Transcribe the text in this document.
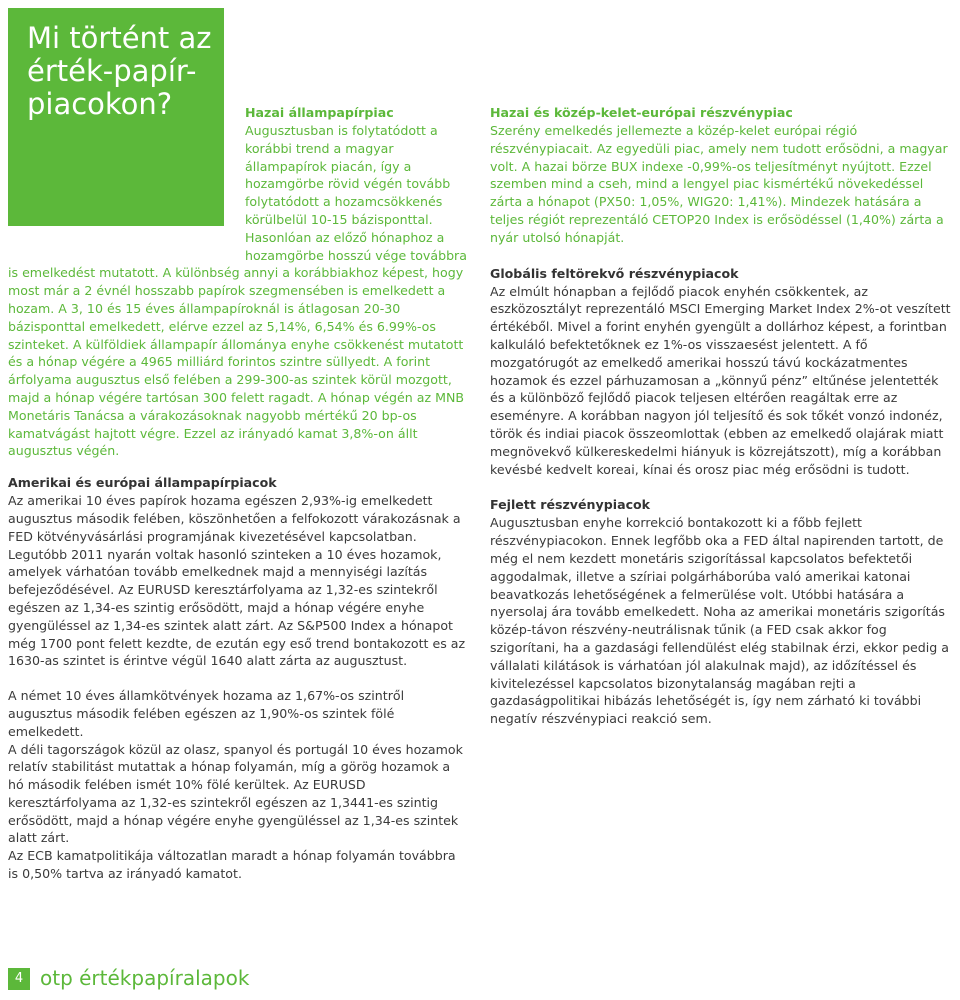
Mi történt az érték-papír-piacokon?	Hazai állampapírpiac

Augusztusban is folytatódott a korábbi trend a magyar állampapírok piacán, így a hozamgörbe rövid végén tovább folytatódott a hozamcsökkenés körülbelül 10-15 bázisponttal. Hasonlóan az előző hónaphoz a hozamgörbe hosszú vége továbbra is emelkedést mutatott. A különbség annyi a korábbiakhoz képest, hogy most már a 2 évnél hosszabb papírok szegmensében is emelkedett a hozam. A 3, 10 és 15 éves állampapíroknál is átlagosan 20-30 bázisponttal emelkedett, elérve ezzel az 5,14%, 6,54% és 6.99%-os szinteket. A külföldiek állampapír állománya enyhe csökkenést mutatott és a hónap végére a 4965 milliárd forintos szintre süllyedt. A forint árfolyama augusztus első felében a 299-300-as szintek körül mozgott, majd a hónap végére tartósan 300 felett ragadt. A hónap végén az MNB Monetáris Tanácsa a várakozásoknak nagyobb mértékű 20 bp-os kamatvágást hajtott végre. Ezzel az irányadó kamat 3,8%-on állt augusztus végén.

Amerikai és európai állampapírpiacok

Az amerikai 10 éves papírok hozama egészen 2,93%-ig emelkedett augusztus második felében, köszönhetően a felfokozott várakozásnak a FED kötvényvásárlási programjának kivezetésével kapcsolatban. Legutóbb 2011 nyarán voltak hasonló szinteken a 10 éves hozamok, amelyek várhatóan tovább emelkednek majd a mennyiségi lazítás befejeződésével. Az EURUSD keresztárfolyama az 1,32-es szintekről egészen az 1,34-es szintig erősödött, majd a hónap végére enyhe gyengüléssel az 1,34-es szintek alatt zárt. Az S&P500 Index a hónapot még 1700 pont felett kezdte, de ezután egy eső trend bontakozott es az 1630-as szintet is érintve végül 1640 alatt zárta az augusztust.

A német 10 éves államkötvények hozama az 1,67%-os szintről augusztus második felében egészen az 1,90%-os szintek fölé emelkedett.

A déli tagországok közül az olasz, spanyol és portugál 10 éves hozamok relatív stabilitást mutattak a hónap folyamán, míg a görög hozamok a hó második felében ismét 10% fölé kerültek. Az EURUSD keresztárfolyama az 1,32-es szintekről egészen az 1,3441-es szintig erősödött, majd a hónap végére enyhe gyengüléssel az 1,34-es szintek alatt zárt.

Az ECB kamatpolitikája változatlan maradt a hónap folyamán továbbra is 0,50% tartva az irányadó kamatot.

Hazai és közép-kelet-európai részvénypiac

Szerény emelkedés jellemezte a közép-kelet európai régió részvénypiacait. Az egyedüli piac, amely nem tudott erősödni, a magyar volt. A hazai börze BUX indexe -0,99%-os teljesítményt nyújtott. Ezzel szemben mind a cseh, mind a lengyel piac kismértékű növekedéssel zárta a hónapot (PX50: 1,05%, WIG20: 1,41%). Mindezek hatására a teljes régiót reprezentáló CETOP20 Index is erősödéssel (1,40%) zárta a nyár utolsó hónapját.

Globális feltörekvő részvénypiacok

Az elmúlt hónapban a fejlődő piacok enyhén csökkentek, az eszközosztályt reprezentáló MSCI Emerging Market Index 2%-ot veszített értékéből. Mivel a forint enyhén gyengült a dollárhoz képest, a forintban kalkuláló befektetőknek ez 1%-os visszaesést jelentett. A fő mozgatórugót az emelkedő amerikai hosszú távú kockázatmentes hozamok és ezzel párhuzamosan a „könnyű pénz” eltűnése jelentették és a különböző fejlődő piacok teljesen eltérően reagáltak erre az eseményre. A korábban nagyon jól teljesítő és sok tőkét vonzó indonéz, török és indiai piacok összeomlottak (ebben az emelkedő olajárak miatt megnövekvő külkereskedelmi hiányuk is közrejátszott), míg a korábban kevésbé kedvelt koreai, kínai és orosz piac még erősödni is tudott.

Fejlett részvénypiacok

Augusztusban enyhe korrekció bontakozott ki a főbb fejlett részvénypiacokon. Ennek legfőbb oka a FED által napirenden tartott, de még el nem kezdett monetáris szigorítással kapcsolatos befektetői aggodalmak, illetve a szíriai polgárháborúba való amerikai katonai beavatkozás lehetőségének a felmerülése volt. Utóbbi hatására a nyersolaj ára tovább emelkedett. Noha az amerikai monetáris szigorítás közép-távon részvény-neutrálisnak tűnik (a FED csak akkor fog szigorítani, ha a gazdasági fellendülést elég stabilnak érzi, ekkor pedig a vállalati kilátások is várhatóan jól alakulnak majd), az időzítéssel és kivitelezéssel kapcsolatos bizonytalanság magában rejti a gazdaságpolitikai hibázás lehetőségét is, így nem zárható ki további negatív részvénypiaci reakció sem.

4 otp értékpapíralapok
